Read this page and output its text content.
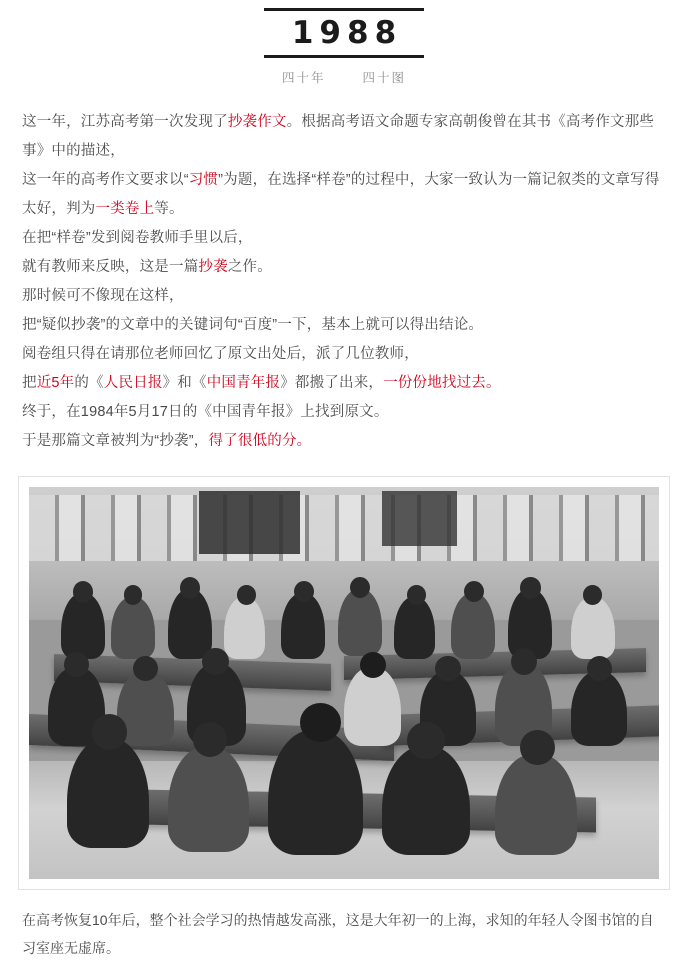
1988
四十年	四十图

这一年，江苏高考第一次发现了抄袭作文。根据高考语文命题专家高朝俊曾在其书《高考作文那些事》中的描述，

这一年的高考作文要求以“习惯”为题，在选择“样卷”的过程中，大家一致认为一篇记叙类的文章写得太好，判为一类卷上等。

在把“样卷”发到阅卷教师手里以后，

就有教师来反映，这是一篇抄袭之作。

那时候可不像现在这样，

把“疑似抄袭”的文章中的关键词句“百度”一下，基本上就可以得出结论。

阅卷组只得在请那位老师回忆了原文出处后，派了几位教师，

把近5年的《人民日报》和《中国青年报》都搬了出来，一份份地找过去。

终于，在1984年5月17日的《中国青年报》上找到原文。

于是那篇文章被判为“抄袭”，得了很低的分。

在高考恢复10年后，整个社会学习的热情越发高涨，这是大年初一的上海，求知的年轻人令图书馆的自习室座无虚席。
